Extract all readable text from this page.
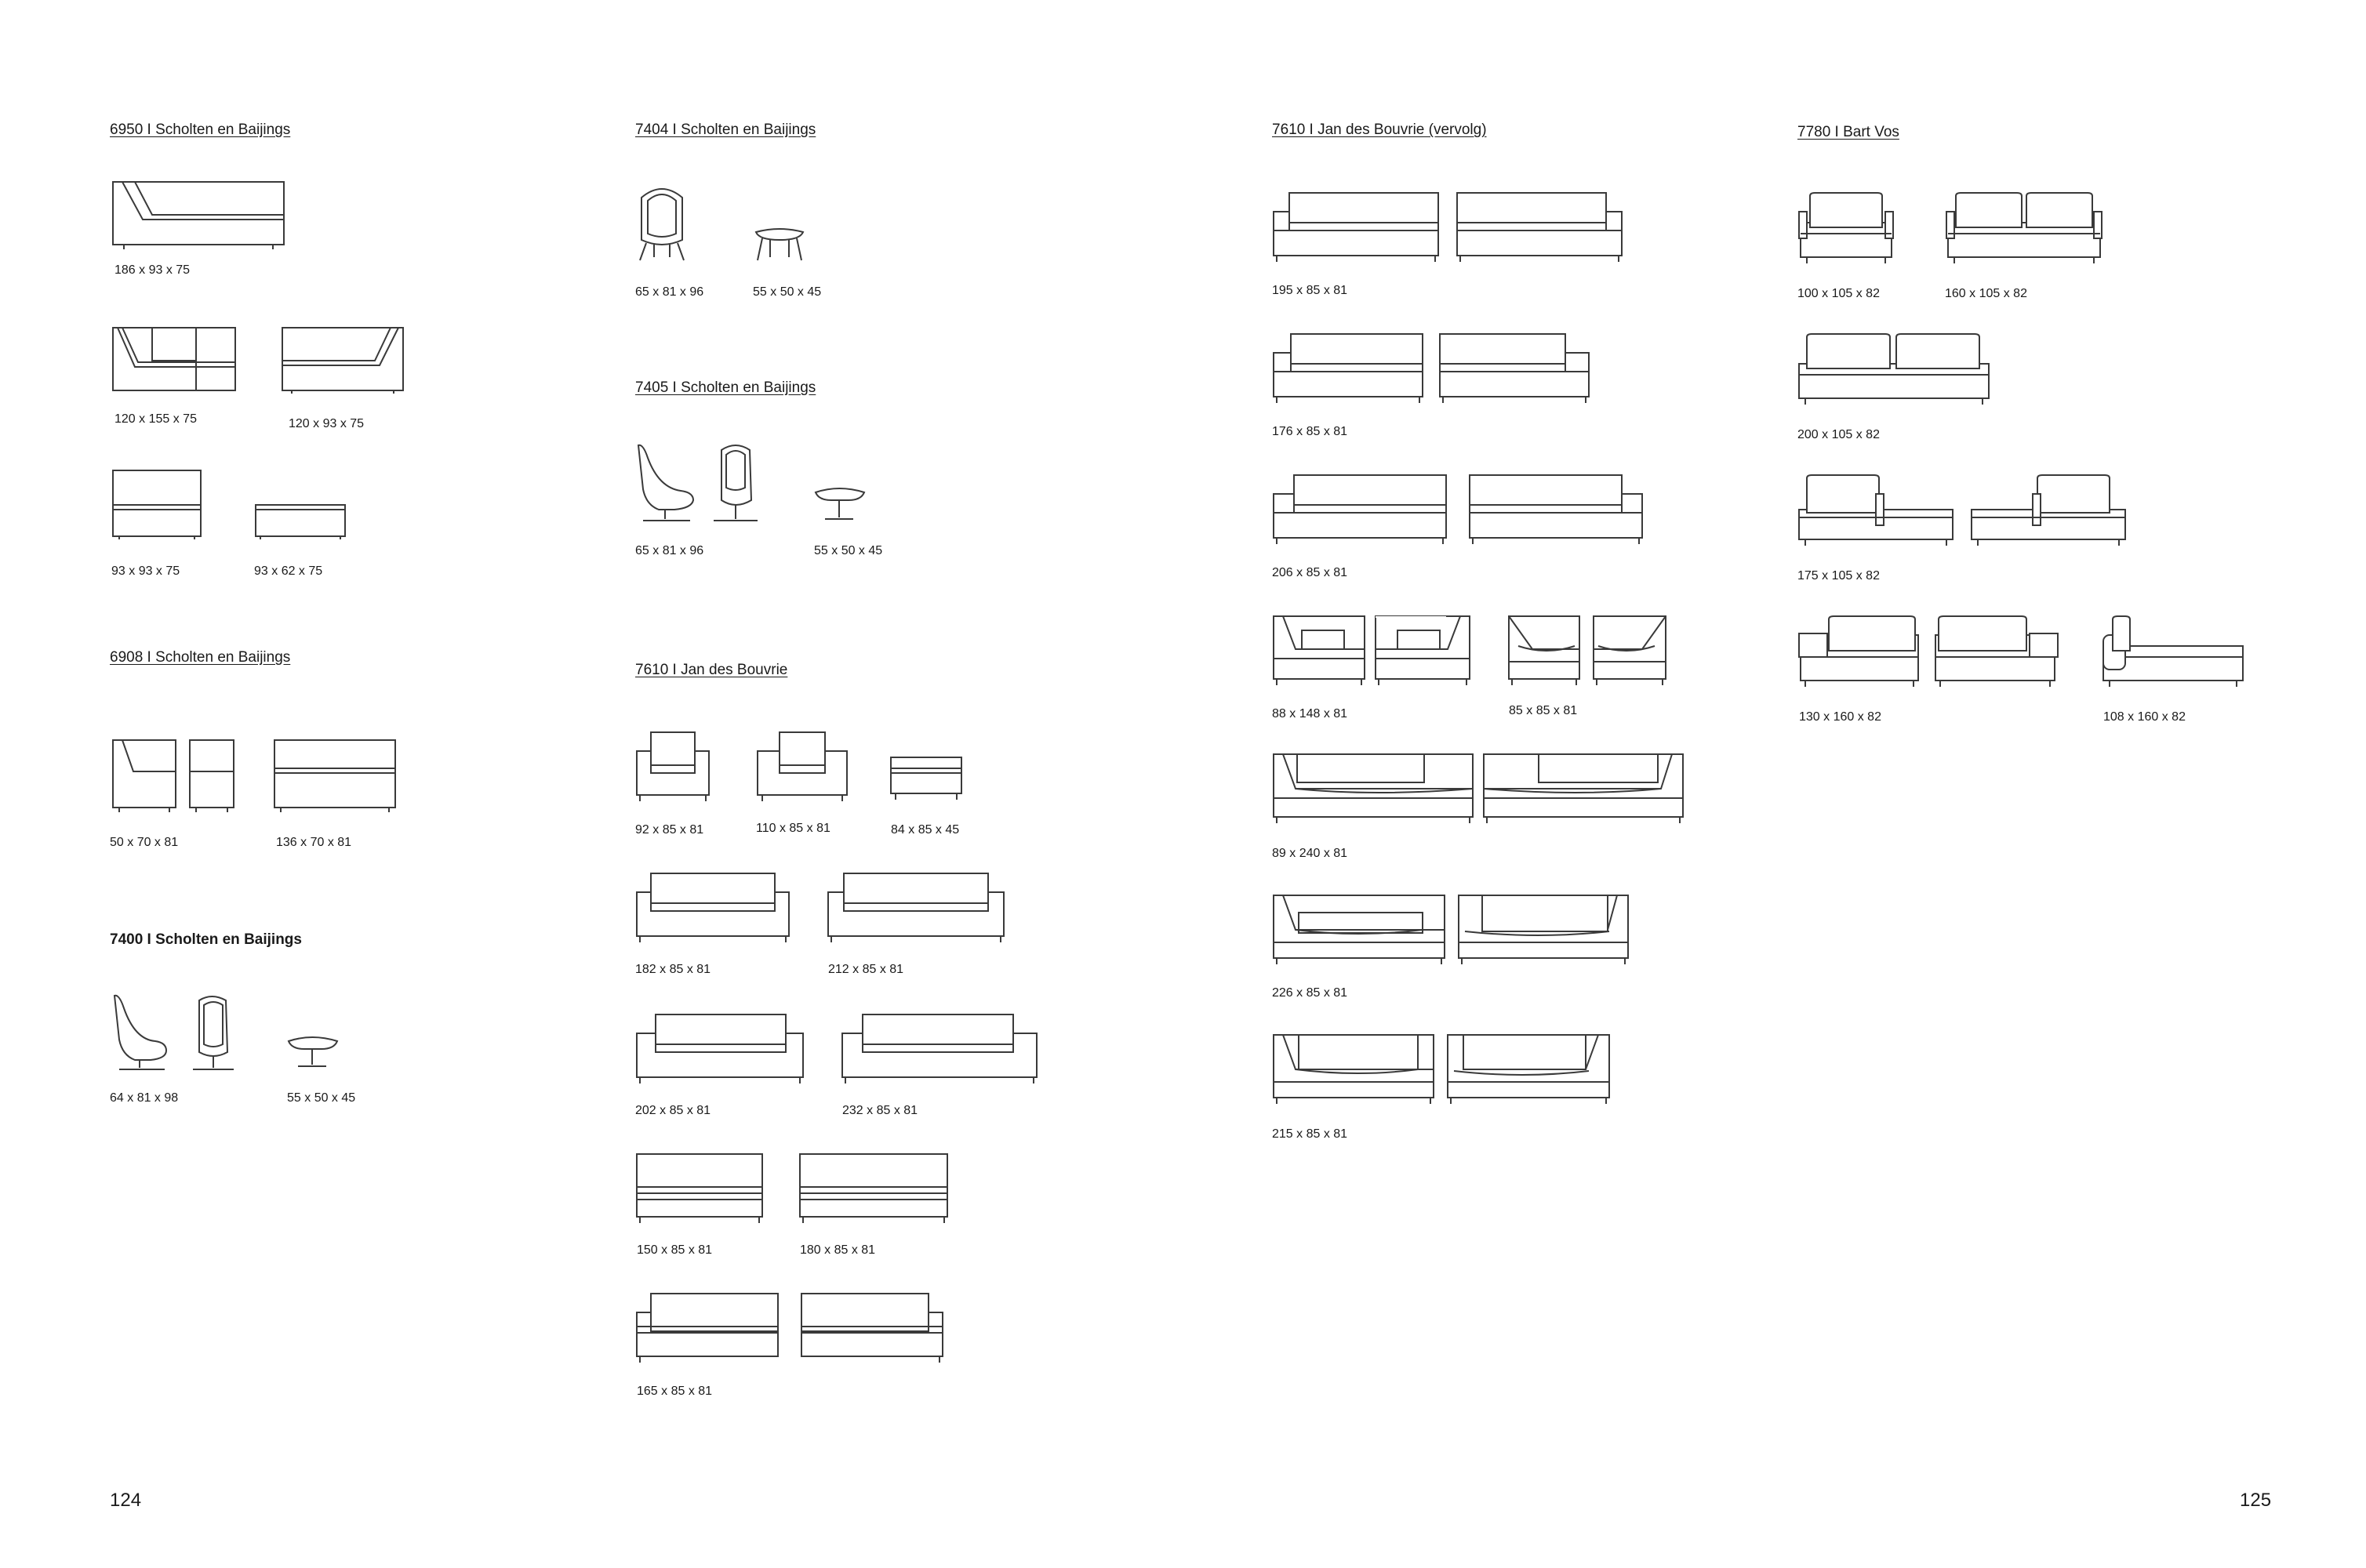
6950 I Scholten en Baijings
186 x 93 x 75
120 x 155 x 75	120 x 93 x 75
93 x 93 x 75	93 x 62 x 75
6908 I Scholten en Baijings
50 x 70 x 81	136 x 70 x 81
7400 I Scholten en Baijings
64 x 81 x 98	55 x 50 x 45
124
7404 I Scholten en Baijings
65 x 81 x 96	55 x 50 x 45
7405 I Scholten en Baijings
65 x 81 x 96	55 x 50 x 45
7610 I Jan des Bouvrie
92 x 85 x 81	110 x 85 x 81	84 x 85 x 45
182 x 85 x 81	212 x 85 x 81
202 x 85 x 81	232 x 85 x 81
150 x 85 x 81	180 x 85 x 81
165 x 85 x 81
7610 I Jan des Bouvrie (vervolg)
195 x 85 x 81
176 x 85 x 81
206 x 85 x 81
88 x 148 x 81	85 x 85 x 81
89 x 240 x 81
226 x 85 x 81
215 x 85 x 81
7780 I Bart Vos
100 x 105 x 82	160 x 105 x 82
200 x 105 x 82
175 x 105 x 82
130 x 160 x 82	108 x 160 x 82
125
